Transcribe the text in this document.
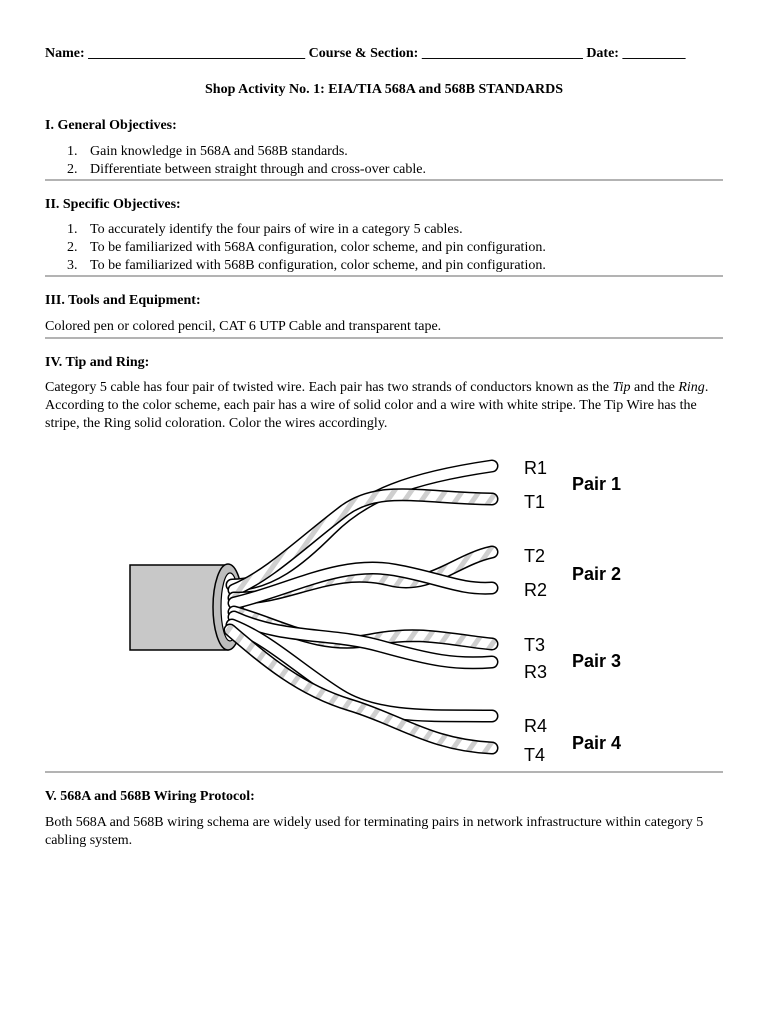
Name: _______________________________ Course & Section: _______________________ Date: _________
Shop Activity No. 1: EIA/TIA 568A and 568B STANDARDS
I. General Objectives:
1. Gain knowledge in 568A and 568B standards.
2. Differentiate between straight through and cross-over cable.
II. Specific Objectives:
1. To accurately identify the four pairs of wire in a category 5 cables.
2. To be familiarized with 568A configuration, color scheme, and pin configuration.
3. To be familiarized with 568B configuration, color scheme, and pin configuration.
III. Tools and Equipment:
Colored pen or colored pencil, CAT 6 UTP Cable and transparent tape.
IV. Tip and Ring:
Category 5 cable has four pair of twisted wire. Each pair has two strands of conductors known as the Tip and the Ring. According to the color scheme, each pair has a wire of solid color and a wire with white stripe. The Tip Wire has the stripe, the Ring solid coloration. Color the wires accordingly.
R1
T1
T2
R2
T3
R3
R4
T4
Pair 1
Pair 2
Pair 3
Pair 4
V. 568A and 568B Wiring Protocol:
Both 568A and 568B wiring schema are widely used for terminating pairs in network infrastructure within category 5 cabling system.
